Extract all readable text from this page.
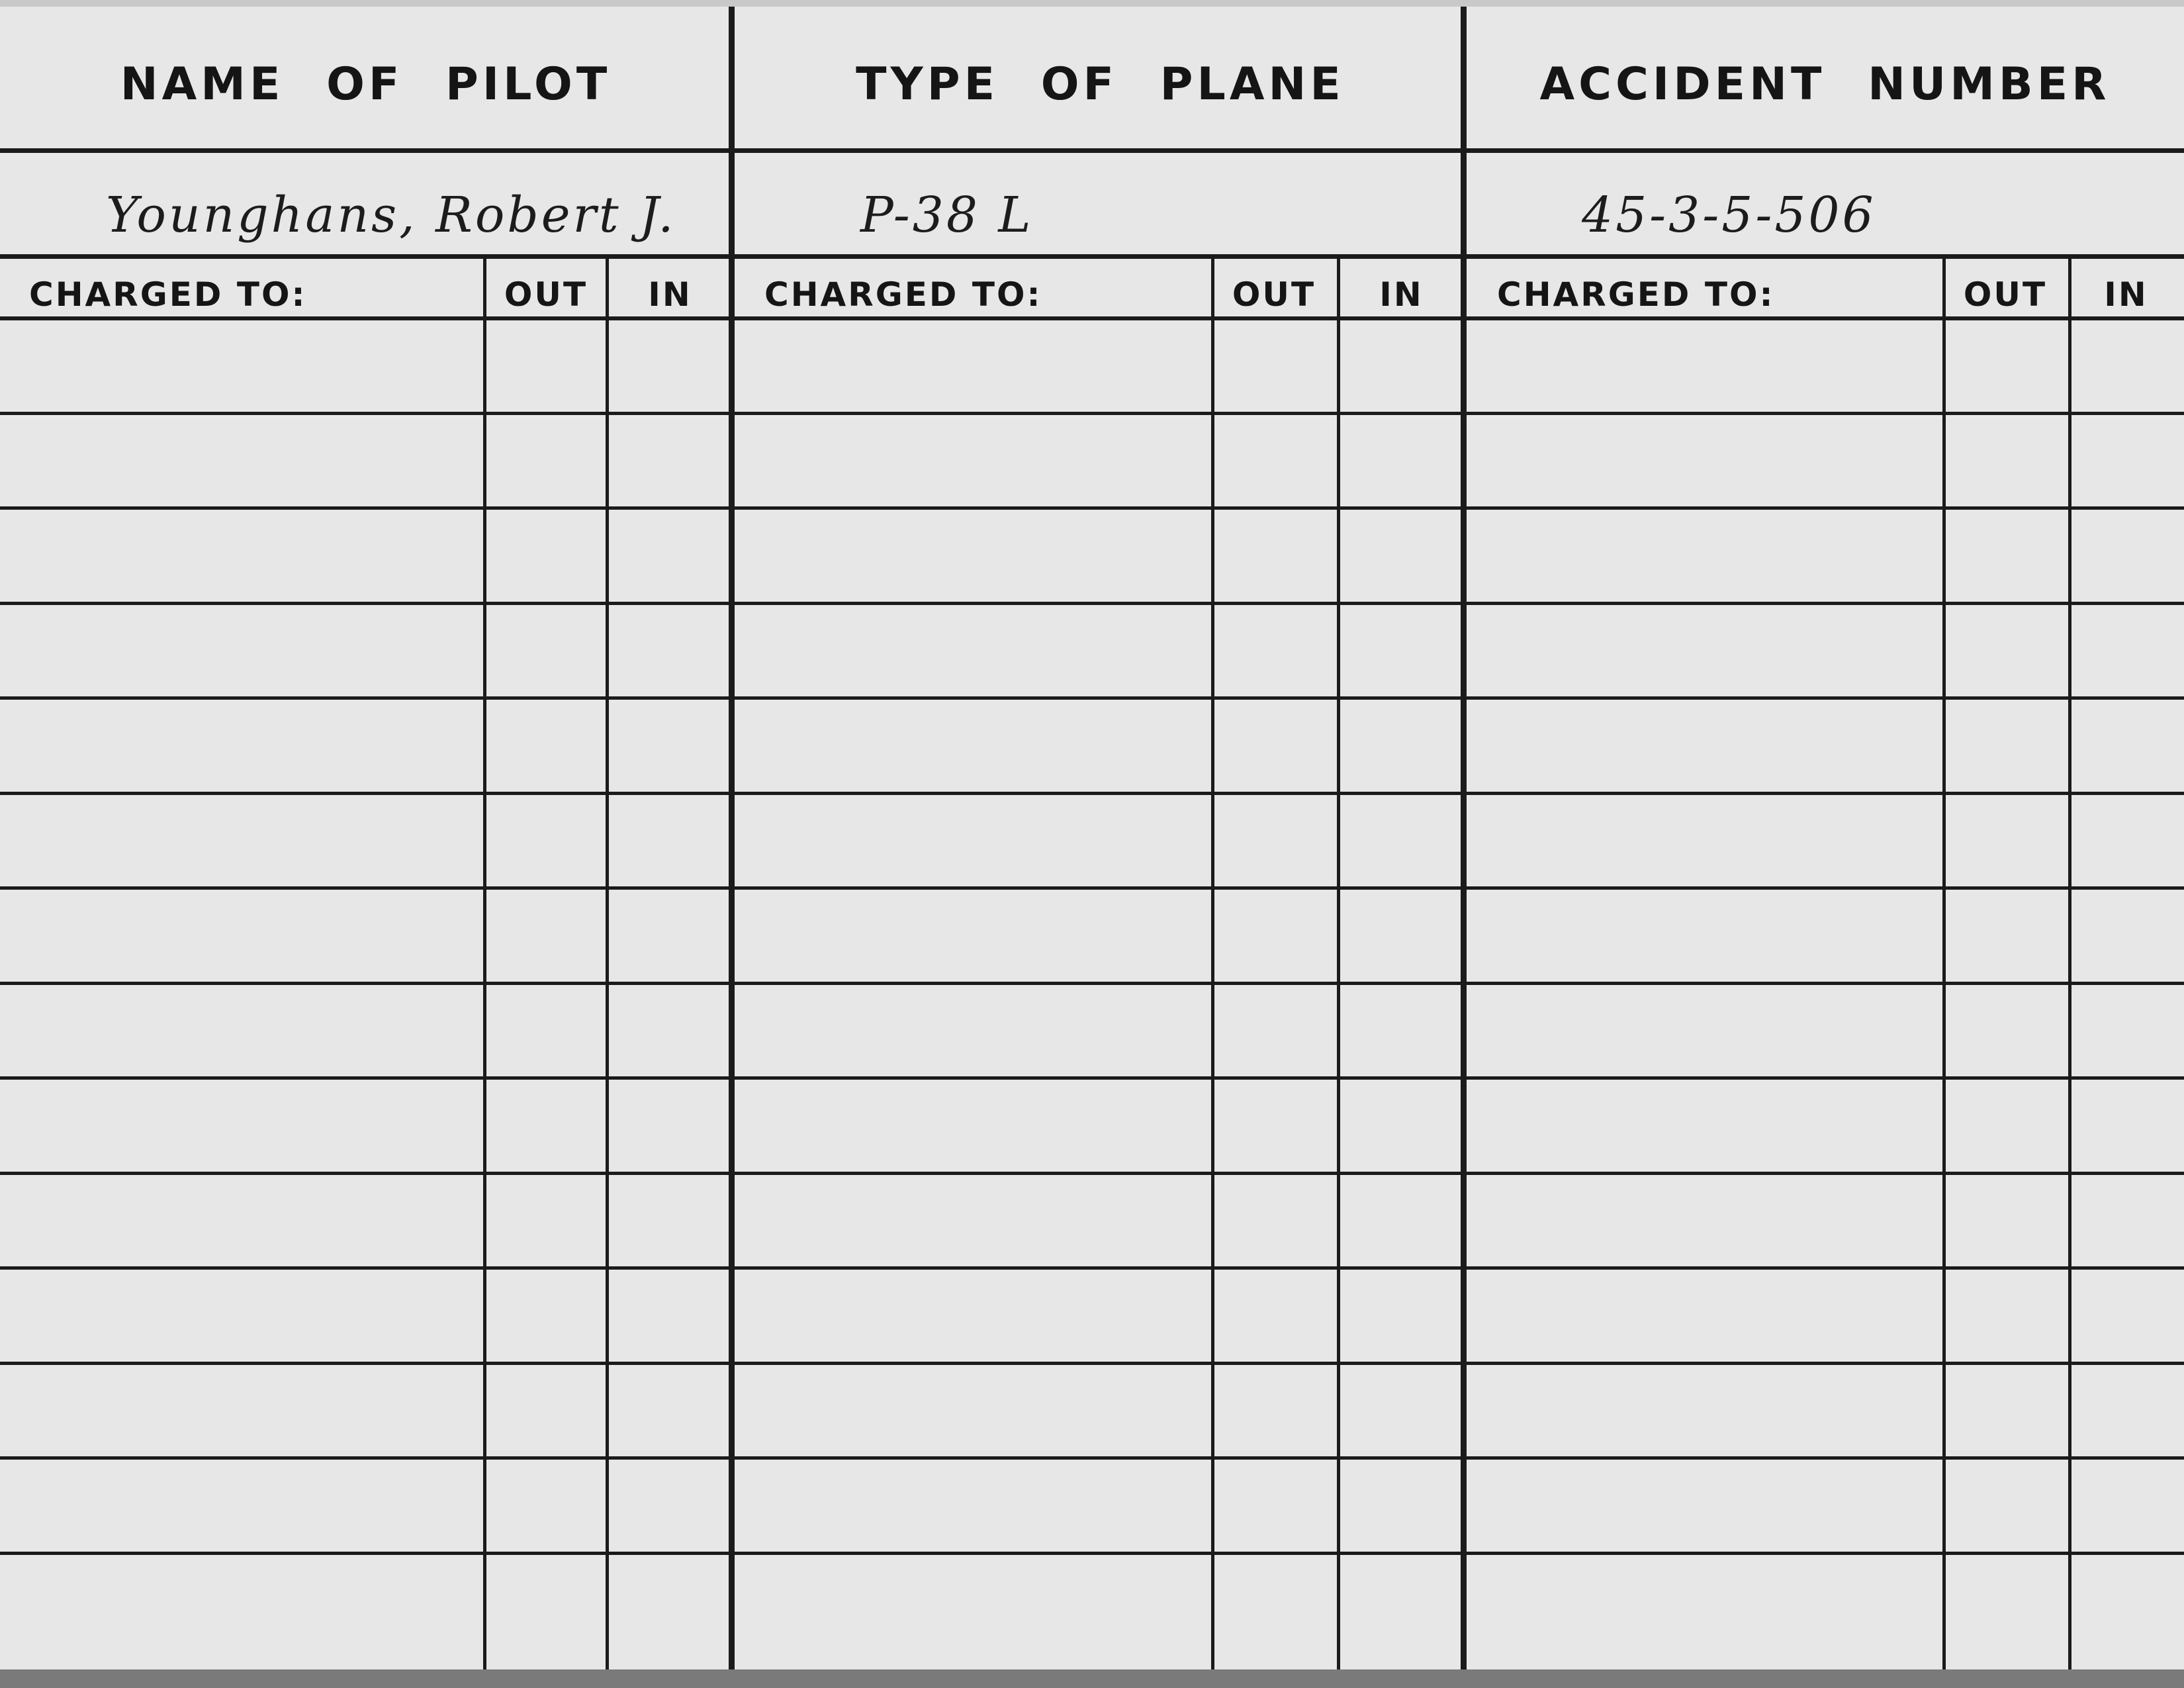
NAME OF PILOT	TYPE OF PLANE	ACCIDENT NUMBER
Younghans, Robert J.	P-38 L	45-3-5-506
CHARGED TO:	OUT	IN	CHARGED TO:	OUT	IN	CHARGED TO:	OUT	IN
